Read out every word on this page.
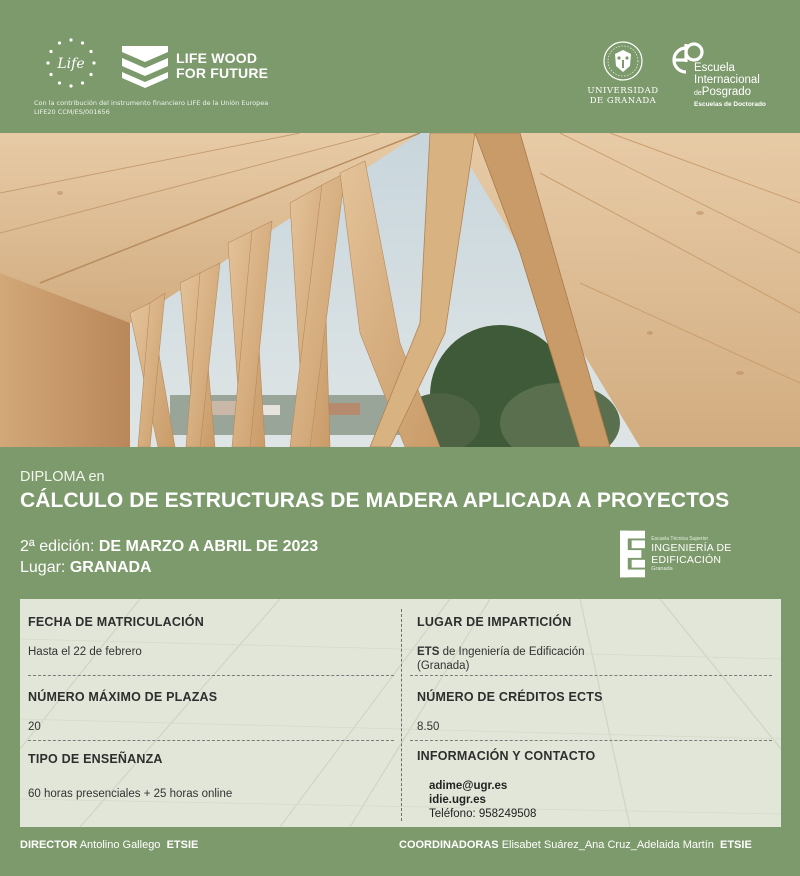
Life	LIFE WOOD
FOR FUTURE
Con la contribución del instrumento financiero LIFE de la Unión Europea LIFE20 CCM/ES/001656
UNIVERSIDAD
DE GRANADA
Escuela
Internacional
dePosgrado
Escuelas de Doctorado
DIPLOMA en
CÁLCULO DE ESTRUCTURAS DE MADERA APLICADA A PROYECTOS
2ª edición: DE MARZO A ABRIL DE 2023
Lugar: GRANADA
Escuela Técnica Superior
INGENIERÍA DE EDIFICACIÓN
Granada
FECHA DE MATRICULACIÓN
Hasta el 22 de febrero
NÚMERO MÁXIMO DE PLAZAS
20
TIPO DE ENSEÑANZA
60 horas presenciales + 25 horas online
LUGAR DE IMPARTICIÓN
ETS de Ingeniería de Edificación
(Granada)
NÚMERO DE CRÉDITOS ECTS
8.50
INFORMACIÓN Y CONTACTO
adime@ugr.es
idie.ugr.es
Teléfono: 958249508
DIRECTOR Antolino Gallego ETSIE	COORDINADORAS Elisabet Suárez_Ana Cruz_Adelaida Martín ETSIE
